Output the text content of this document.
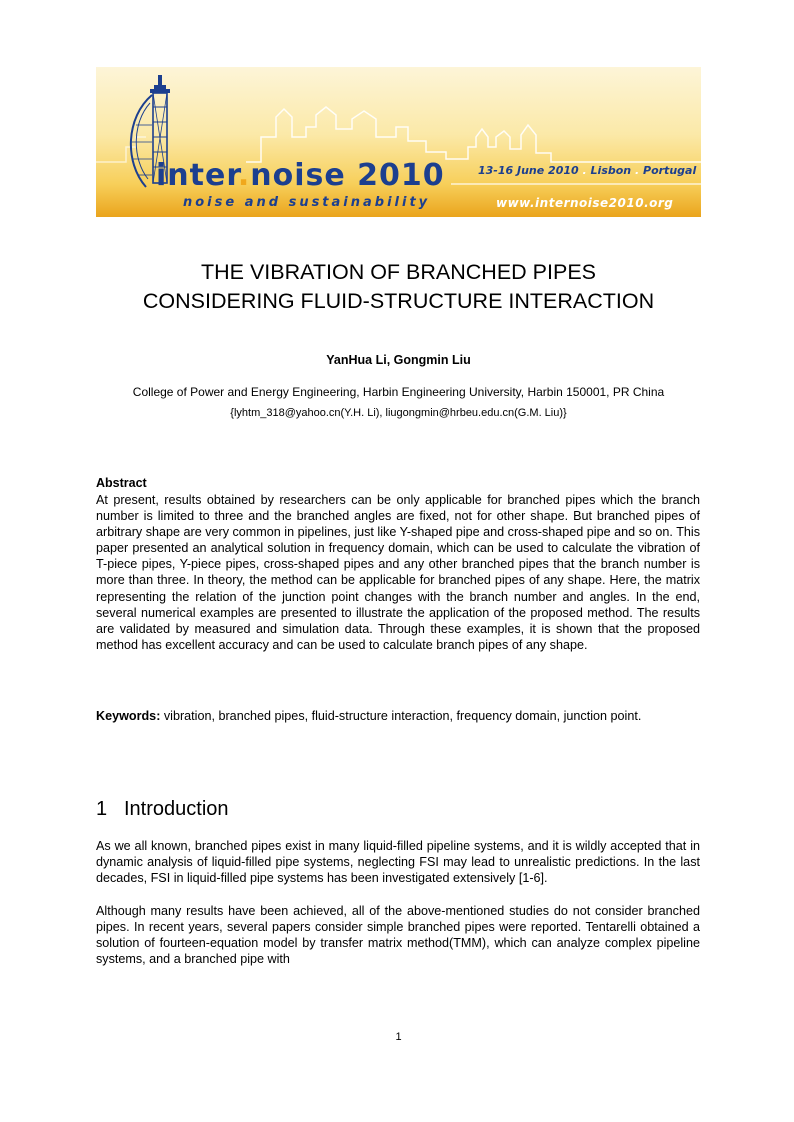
inter.noise 2010
noise and sustainability
13-16 June 2010 . Lisbon . Portugal
www.internoise2010.org
THE VIBRATION OF BRANCHED PIPES
CONSIDERING FLUID-STRUCTURE INTERACTION
YanHua Li, Gongmin Liu
College of Power and Energy Engineering, Harbin Engineering University, Harbin 150001, PR China
{lyhtm_318@yahoo.cn(Y.H. Li), liugongmin@hrbeu.edu.cn(G.M. Liu)}
Abstract
At present, results obtained by researchers can be only applicable for branched pipes which the branch number is limited to three and the branched angles are fixed, not for other shape. But branched pipes of arbitrary shape are very common in pipelines, just like Y-shaped pipe and cross-shaped pipe and so on. This paper presented an analytical solution in frequency domain, which can be used to calculate the vibration of T-piece pipes, Y-piece pipes, cross-shaped pipes and any other branched pipes that the branch number is more than three. In theory, the method can be applicable for branched pipes of any shape. Here, the matrix representing the relation of the junction point changes with the branch number and angles. In the end, several numerical examples are presented to illustrate the application of the proposed method. The results are validated by measured and simulation data. Through these examples, it is shown that the proposed method has excellent accuracy and can be used to calculate branch pipes of any shape.
Keywords: vibration, branched pipes, fluid-structure interaction, frequency domain, junction point.
1 Introduction
As we all known, branched pipes exist in many liquid-filled pipeline systems, and it is wildly accepted that in dynamic analysis of liquid-filled pipe systems, neglecting FSI may lead to unrealistic predictions. In the last decades, FSI in liquid-filled pipe systems has been investigated extensively [1-6].
Although many results have been achieved, all of the above-mentioned studies do not consider branched pipes. In recent years, several papers consider simple branched pipes were reported. Tentarelli obtained a solution of fourteen-equation model by transfer matrix method(TMM), which can analyze complex pipeline systems, and a branched pipe with
1
